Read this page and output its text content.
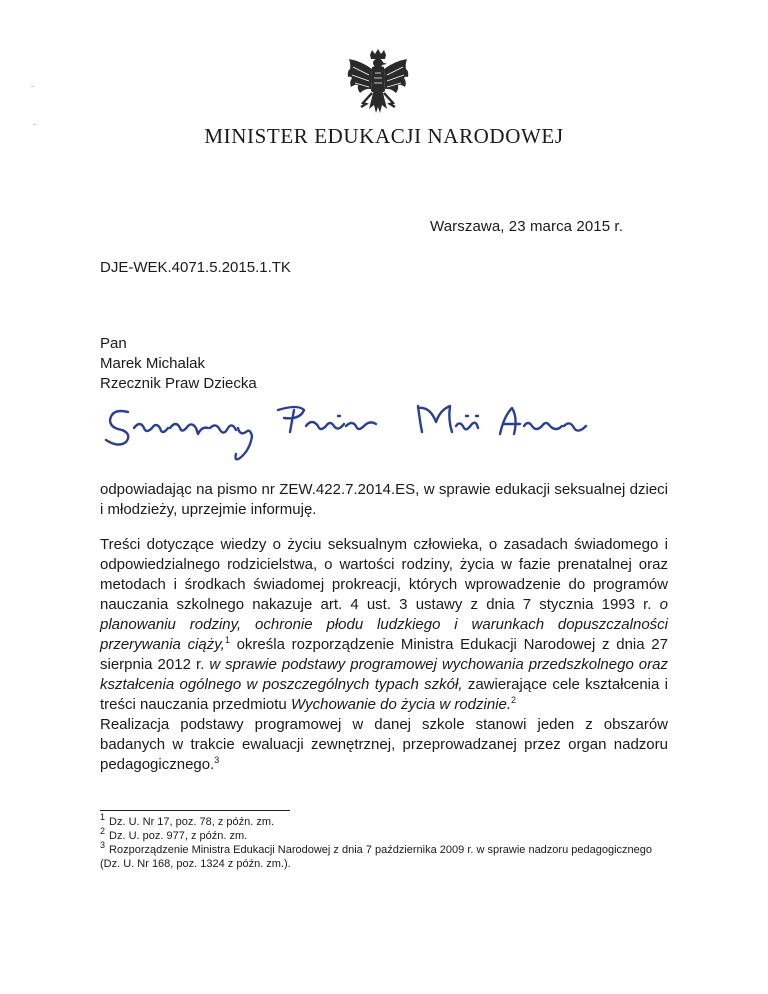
MINISTER EDUKACJI NARODOWEJ
Warszawa, 23 marca 2015 r.
DJE-WEK.4071.5.2015.1.TK
Pan
Marek Michalak
Rzecznik Praw Dziecka
odpowiadając na pismo nr ZEW.422.7.2014.ES, w sprawie edukacji seksualnej dzieci i młodzieży, uprzejmie informuję.
Treści dotyczące wiedzy o życiu seksualnym człowieka, o zasadach świadomego i odpowiedzialnego rodzicielstwa, o wartości rodziny, życia w fazie prenatalnej oraz metodach i środkach świadomej prokreacji, których wprowadzenie do programów nauczania szkolnego nakazuje art. 4 ust. 3 ustawy z dnia 7 stycznia 1993 r. o planowaniu rodziny, ochronie płodu ludzkiego i warunkach dopuszczalności przerywania ciąży,$^1$ określa rozporządzenie Ministra Edukacji Narodowej z dnia 27 sierpnia 2012 r. w sprawie podstawy programowej wychowania przedszkolnego oraz kształcenia ogólnego w poszczególnych typach szkół, zawierające cele kształcenia i treści nauczania przedmiotu Wychowanie do życia w rodzinie.$^2$
Realizacja podstawy programowej w danej szkole stanowi jeden z obszarów badanych w trakcie ewaluacji zewnętrznej, przeprowadzanej przez organ nadzoru pedagogicznego.$^3$
$^1$ Dz. U. Nr 17, poz. 78, z późn. zm.
$^2$ Dz. U. poz. 977, z późn. zm.
$^3$ Rozporządzenie Ministra Edukacji Narodowej z dnia 7 października 2009 r. w sprawie nadzoru pedagogicznego (Dz. U. Nr 168, poz. 1324 z późn. zm.).
